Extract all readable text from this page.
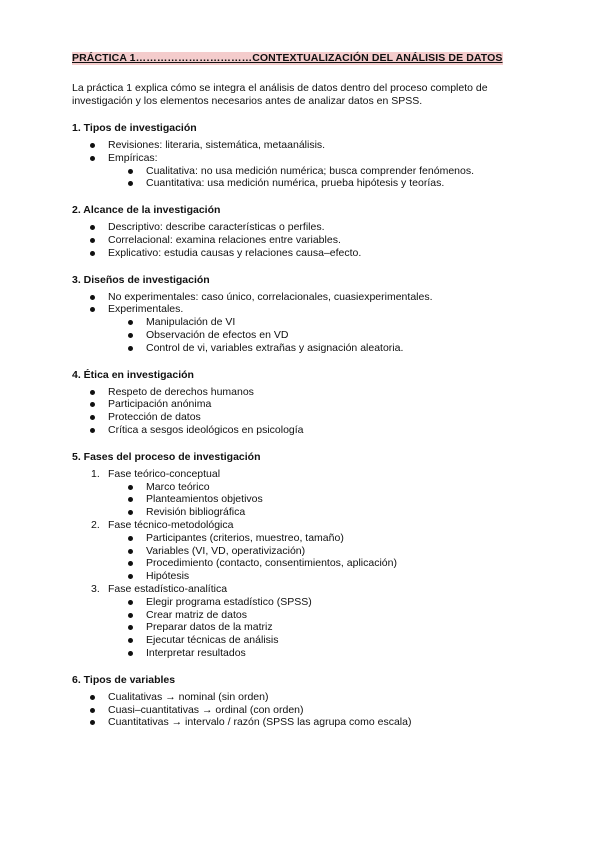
PRÁCTICA 1……………………………CONTEXTUALIZACIÓN DEL ANÁLISIS DE DATOS
La práctica 1 explica cómo se integra el análisis de datos dentro del proceso completo de investigación y los elementos necesarios antes de analizar datos en SPSS.
1. Tipos de investigación
Revisiones: literaria, sistemática, metaanálisis.
Empíricas:
Cualitativa: no usa medición numérica; busca comprender fenómenos.
Cuantitativa: usa medición numérica, prueba hipótesis y teorías.
2. Alcance de la investigación
Descriptivo: describe características o perfiles.
Correlacional: examina relaciones entre variables.
Explicativo: estudia causas y relaciones causa–efecto.
3. Diseños de investigación
No experimentales: caso único, correlacionales, cuasiexperimentales.
Experimentales.
Manipulación de VI
Observación de efectos en VD
Control de vi, variables extrañas y asignación aleatoria.
4. Ética en investigación
Respeto de derechos humanos
Participación anónima
Protección de datos
Crítica a sesgos ideológicos en psicología
5. Fases del proceso de investigación
Fase teórico-conceptual
Marco teórico
Planteamientos objetivos
Revisión bibliográfica
Fase técnico-metodológica
Participantes (criterios, muestreo, tamaño)
Variables (VI, VD, operativización)
Procedimiento (contacto, consentimientos, aplicación)
Hipótesis
Fase estadístico-analítica
Elegir programa estadístico (SPSS)
Crear matriz de datos
Preparar datos de la matriz
Ejecutar técnicas de análisis
Interpretar resultados
6. Tipos de variables
Cualitativas → nominal (sin orden)
Cuasi–cuantitativas → ordinal (con orden)
Cuantitativas → intervalo / razón (SPSS las agrupa como escala)
